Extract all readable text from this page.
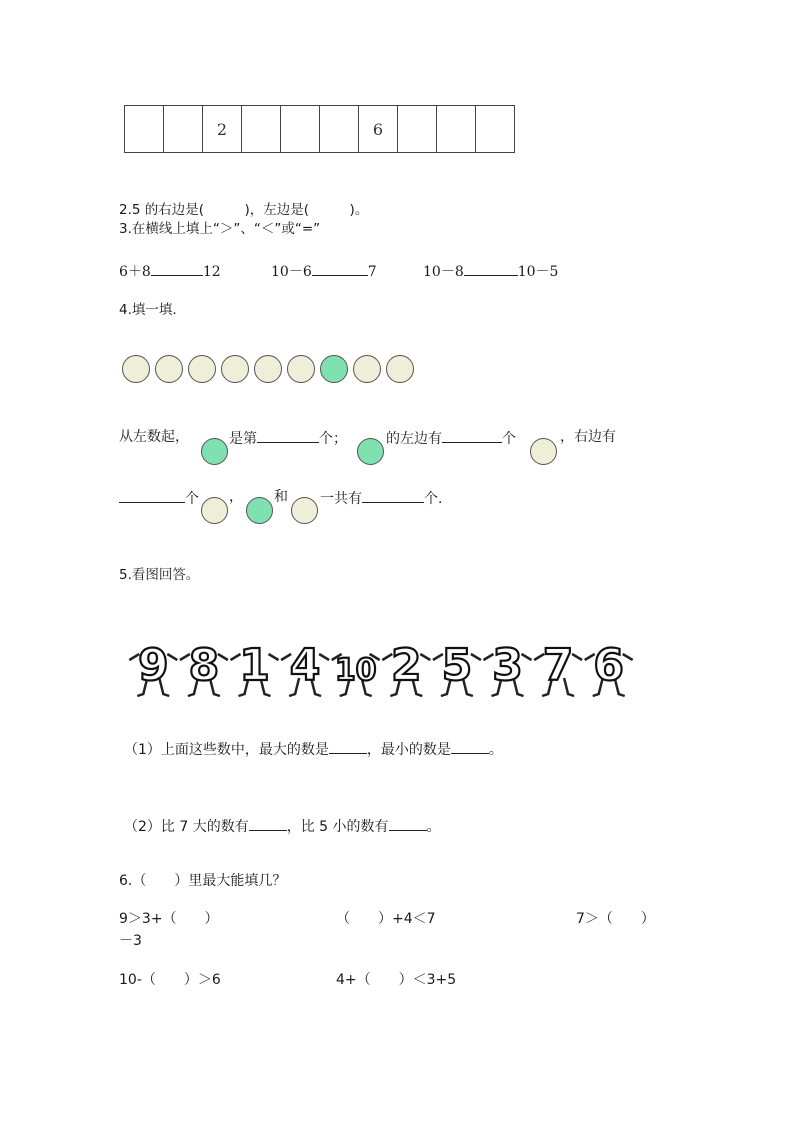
		2				6			
2.5 的右边是(　　　)，左边是(　　　)。
3.在横线上填上“＞”、“＜”或“=”
6＋8	12	10－6	7	10－8	10－5
4.填一填.
从左数起，	是第	个；	的左边有	个	，右边有
个 ， 和 一共有	个.
5.看图回答。
9 8 1 4 10 2 5 3 7 6
（1）上面这些数中，最大的数是	，最小的数是	。
（2）比 7 大的数有	，比 5 小的数有	。
6.（　　）里最大能填几？
9＞3+（　　）	（　　）+4＜7	7＞（　　）
－3
10-（　　）＞6	4+（　　）＜3+5
